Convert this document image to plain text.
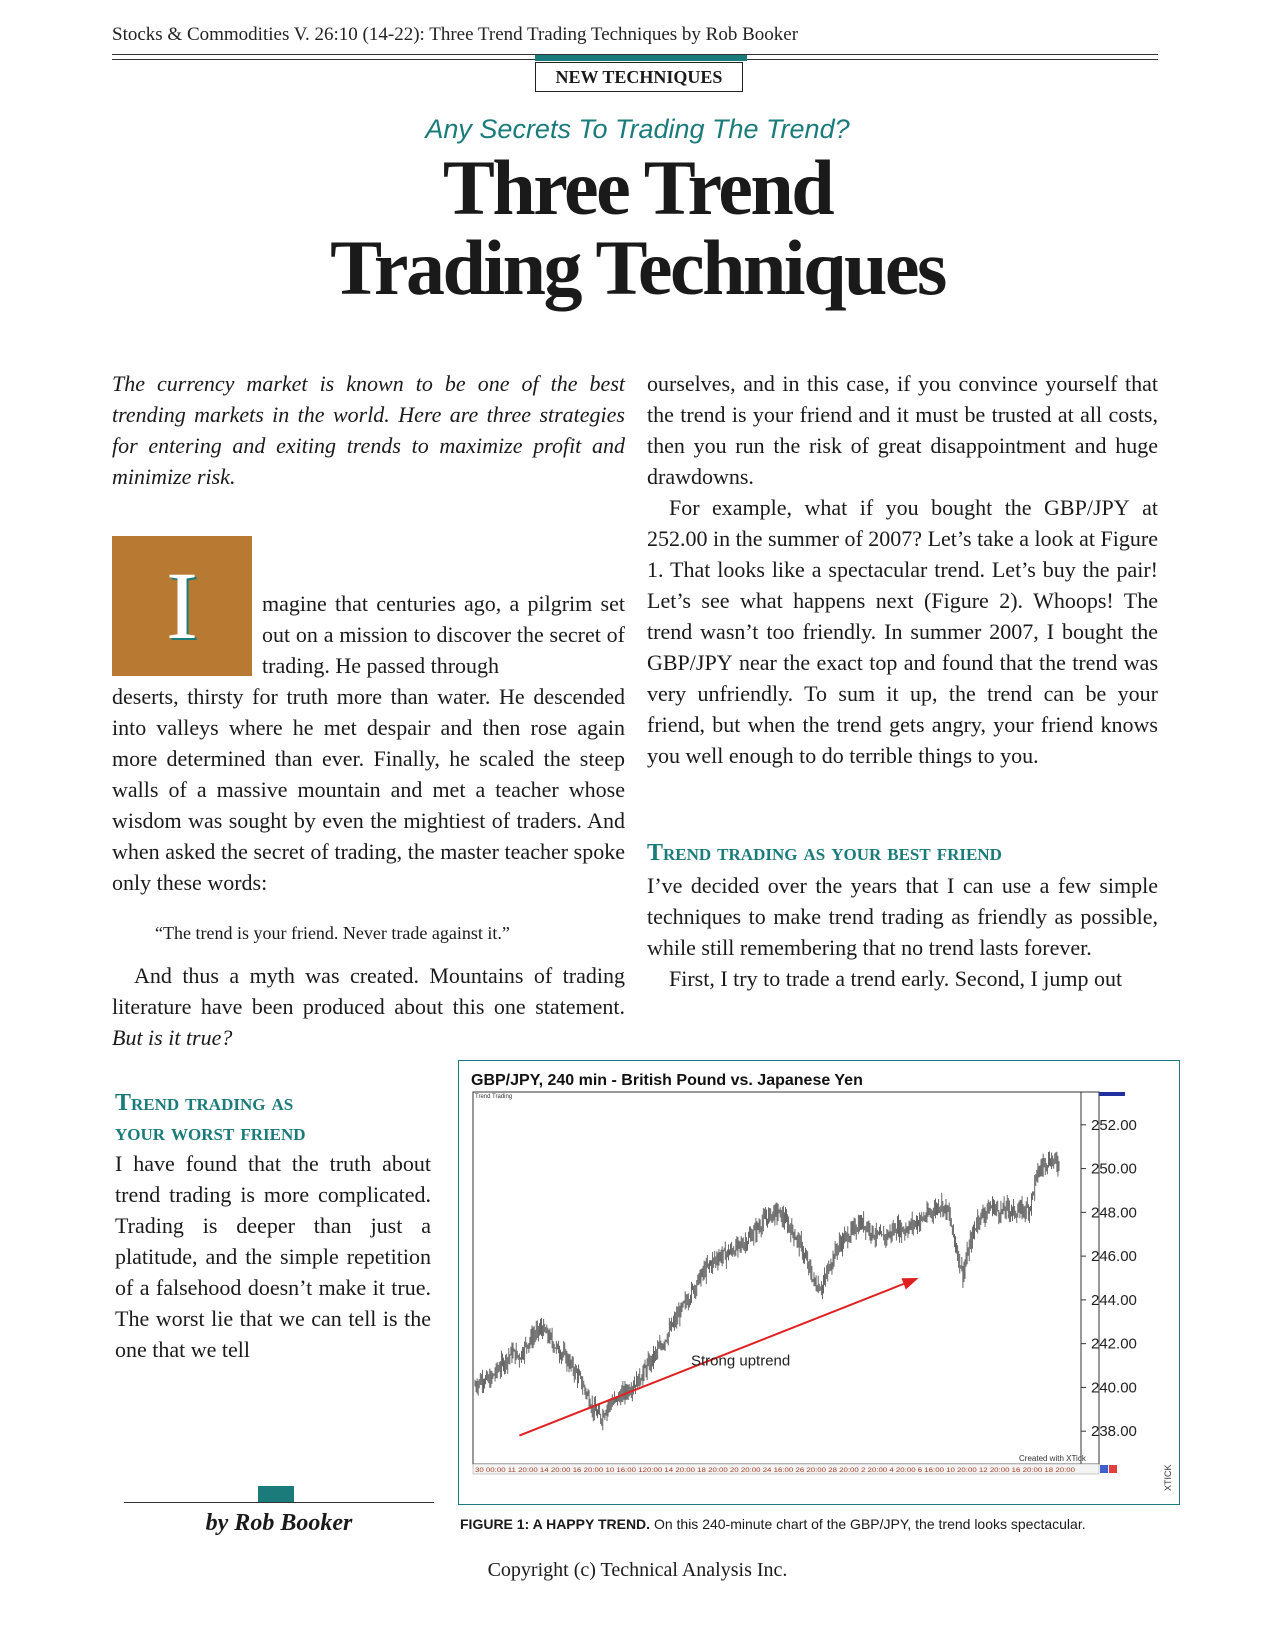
Stocks & Commodities V. 26:10 (14-22): Three Trend Trading Techniques by Rob Booker
NEW TECHNIQUES
Any Secrets To Trading The Trend?
Three Trend
Trading Techniques
The currency market is known to be one of the best trending markets in the world. Here are three strategies for entering and exiting trends to maximize profit and minimize risk.
I	magine that centuries ago, a pilgrim set out on a mission to discover the secret of trading. He passed through
deserts, thirsty for truth more than water. He descended into valleys where he met despair and then rose again more determined than ever. Finally, he scaled the steep walls of a massive mountain and met a teacher whose wisdom was sought by even the mightiest of traders. And when asked the secret of trading, the master teacher spoke only these words:
“The trend is your friend. Never trade against it.”

And thus a myth was created. Mountains of trading literature have been produced about this one statement. But is it true?

Trend trading as
your worst friend
I have found that the truth about trend trading is more complicated. Trading is deeper than just a platitude, and the simple repetition of a falsehood doesn’t make it true. The worst lie that we can tell is the one that we tell

ourselves, and in this case, if you convince yourself that the trend is your friend and it must be trusted at all costs, then you run the risk of great disappointment and huge drawdowns.

For example, what if you bought the GBP/JPY at 252.00 in the summer of 2007? Let’s take a look at Figure 1. That looks like a spectacular trend. Let’s buy the pair! Let’s see what happens next (Figure 2). Whoops! The trend wasn’t too friendly. In summer 2007, I bought the GBP/JPY near the exact top and found that the trend was very unfriendly. To sum it up, the trend can be your friend, but when the trend gets angry, your friend knows you well enough to do terrible things to you.

Trend trading as your best friend

I’ve decided over the years that I can use a few simple techniques to make trend trading as friendly as possible, while still remembering that no trend lasts forever.

First, I try to trade a trend early. Second, I jump out

GBP/JPY, 240 min - British Pound vs. Japanese Yen
Trend Trading
252.00
250.00
248.00
246.00
244.00
242.00
240.00
238.00
Strong uptrend
Created with XTick
30 00:00 11 20:00 14 20:00 16 20:00 10 16:00 120:00 14 20:00 18 20:00 20 20:00 24 16:00 26 20:00 28 20:00 2 20:00 4 20:00 6 16:00 10 20:00 12 20:00 16 20:00 18 20:00	XTICK
FIGURE 1: A HAPPY TREND. On this 240-minute chart of the GBP/JPY, the trend looks spectacular.
by Rob Booker
Copyright (c) Technical Analysis Inc.
